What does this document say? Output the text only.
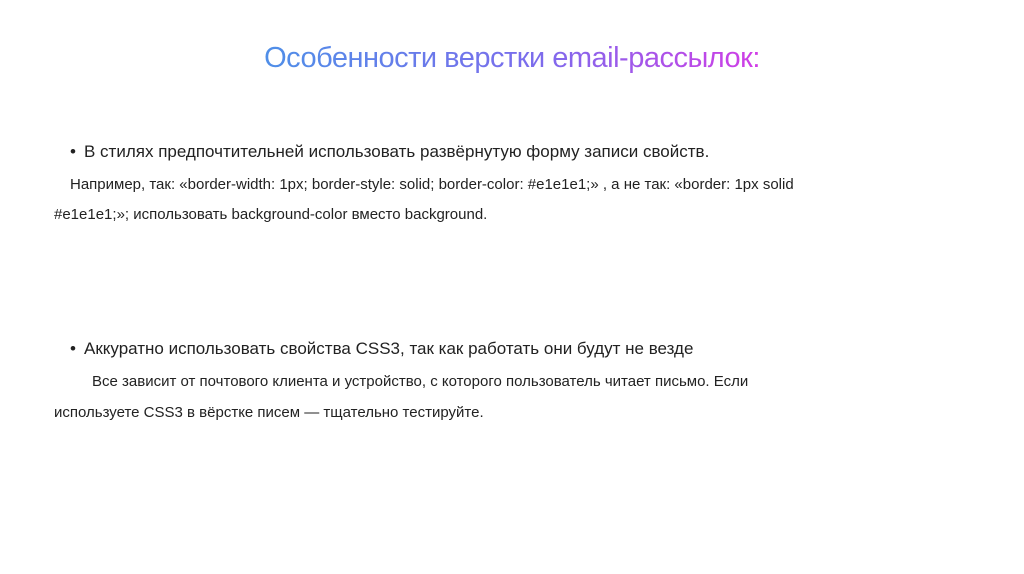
Особенности верстки email-рассылок:
• В стилях предпочтительней использовать развёрнутую форму записи свойств.
Например, так: «border-width: 1px; border-style: solid; border-color: #e1e1e1;» , а не так: «border: 1px solid
#e1e1e1;»; использовать background-color вместо background.
• Аккуратно использовать свойства CSS3, так как работать они будут не везде
Все зависит от почтового клиента и устройство, с которого пользователь читает письмо. Если
используете CSS3 в вёрстке писем — тщательно тестируйте.
